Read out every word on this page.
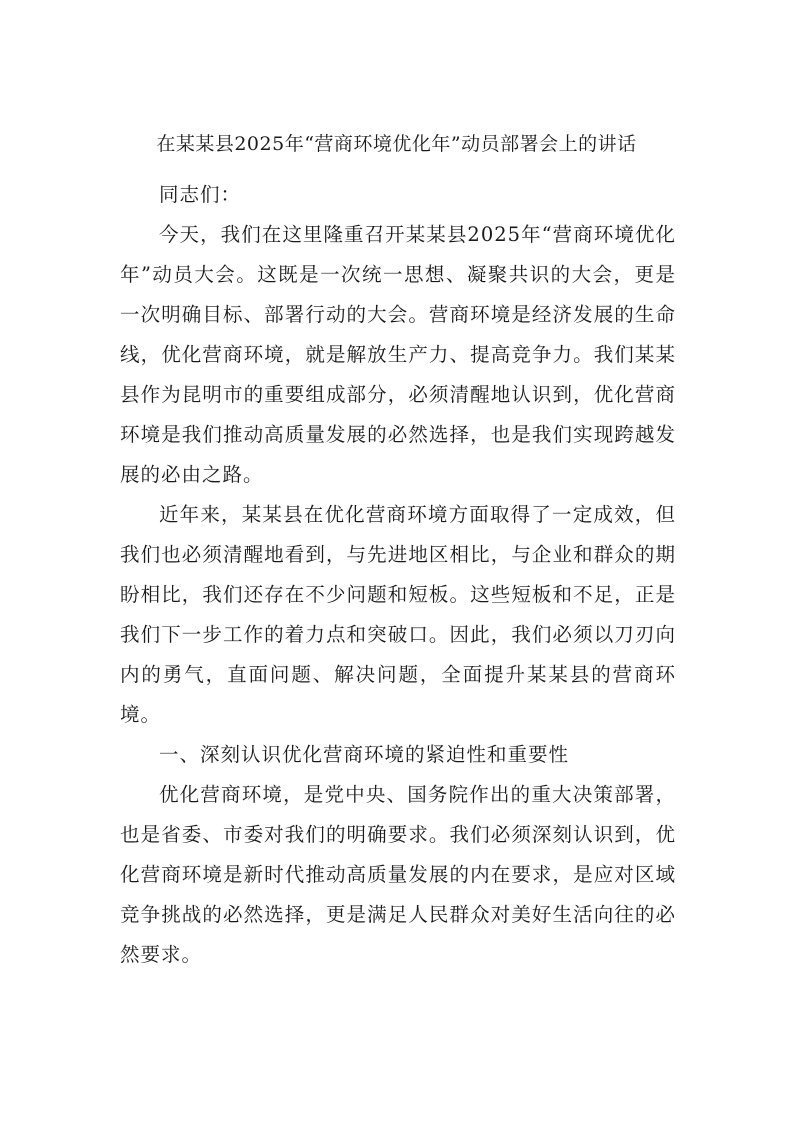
在某某县2025年“营商环境优化年”动员部署会上的讲话

同志们：

今天，我们在这里隆重召开某某县2025年“营商环境优化年”动员大会。这既是一次统一思想、凝聚共识的大会，更是一次明确目标、部署行动的大会。营商环境是经济发展的生命线，优化营商环境，就是解放生产力、提高竞争力。我们某某县作为昆明市的重要组成部分，必须清醒地认识到，优化营商环境是我们推动高质量发展的必然选择，也是我们实现跨越发展的必由之路。

近年来，某某县在优化营商环境方面取得了一定成效，但我们也必须清醒地看到，与先进地区相比，与企业和群众的期盼相比，我们还存在不少问题和短板。这些短板和不足，正是我们下一步工作的着力点和突破口。因此，我们必须以刀刃向内的勇气，直面问题、解决问题，全面提升某某县的营商环境。

一、深刻认识优化营商环境的紧迫性和重要性

优化营商环境，是党中央、国务院作出的重大决策部署，也是省委、市委对我们的明确要求。我们必须深刻认识到，优化营商环境是新时代推动高质量发展的内在要求，是应对区域竞争挑战的必然选择，更是满足人民群众对美好生活向往的必然要求。
